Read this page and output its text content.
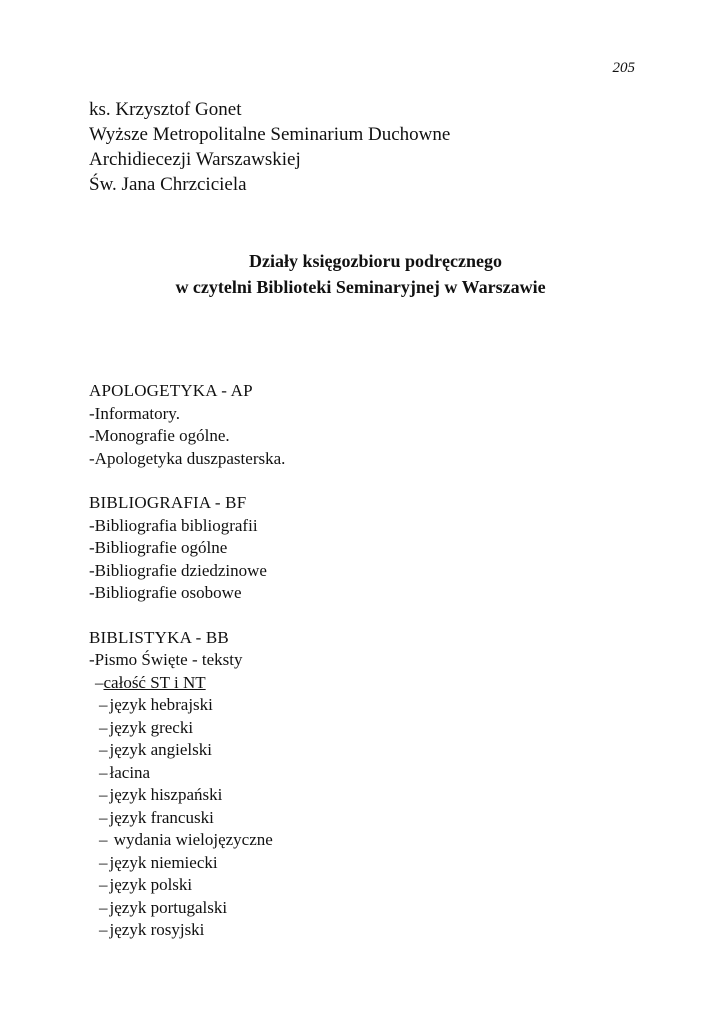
205
ks. Krzysztof Gonet
Wyższe Metropolitalne Seminarium Duchowne
Archidiecezji Warszawskiej
Św. Jana Chrzciciela
Działy księgozbioru podręcznego
w czytelni Biblioteki Seminaryjnej w Warszawie
APOLOGETYKA - AP
-Informatory.
-Monografie ogólne.
-Apologetyka duszpasterska.
BIBLIOGRAFIA - BF
-Bibliografia bibliografii
-Bibliografie ogólne
-Bibliografie dziedzinowe
-Bibliografie osobowe
BIBLISTYKA - BB
-Pismo Święte - teksty
–całość ST i NT
– język hebrajski
– język grecki
– język angielski
– łacina
– język hiszpański
– język francuski
– wydania wielojęzyczne
– język niemiecki
– język polski
– język portugalski
– język rosyjski
